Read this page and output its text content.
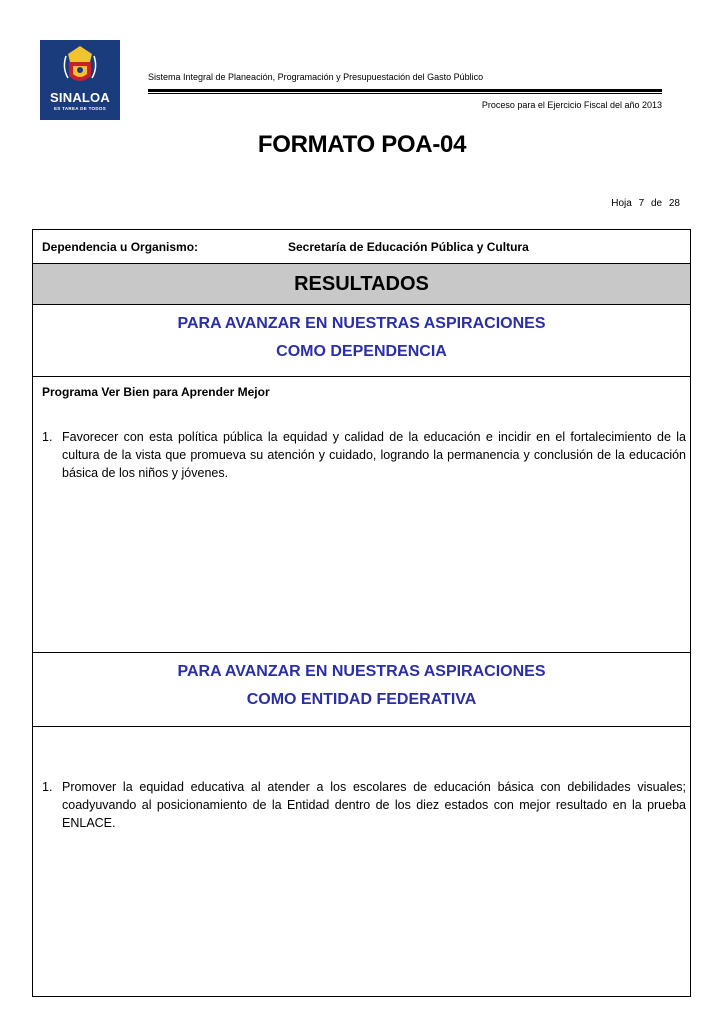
SINALOA
ES TAREA DE TODOS
Sistema Integral de Planeación, Programación y Presupuestación del Gasto Público
Proceso para el Ejercicio Fiscal del año 2013
FORMATO POA-04
Hoja 7 de 28
Dependencia u Organismo:	Secretaría de Educación Pública y Cultura
RESULTADOS
PARA AVANZAR EN NUESTRAS ASPIRACIONES
COMO DEPENDENCIA
Programa Ver Bien para Aprender Mejor
1. Favorecer con esta política pública la equidad y calidad de la educación e incidir en el fortalecimiento de la cultura de la vista que promueva su atención y cuidado, logrando la permanencia y conclusión de la educación básica de los niños y jóvenes.
PARA AVANZAR EN NUESTRAS ASPIRACIONES
COMO ENTIDAD FEDERATIVA
1. Promover la equidad educativa al atender a los escolares de educación básica con debilidades visuales; coadyuvando al posicionamiento de la Entidad dentro de los diez estados con mejor resultado en la prueba ENLACE.
